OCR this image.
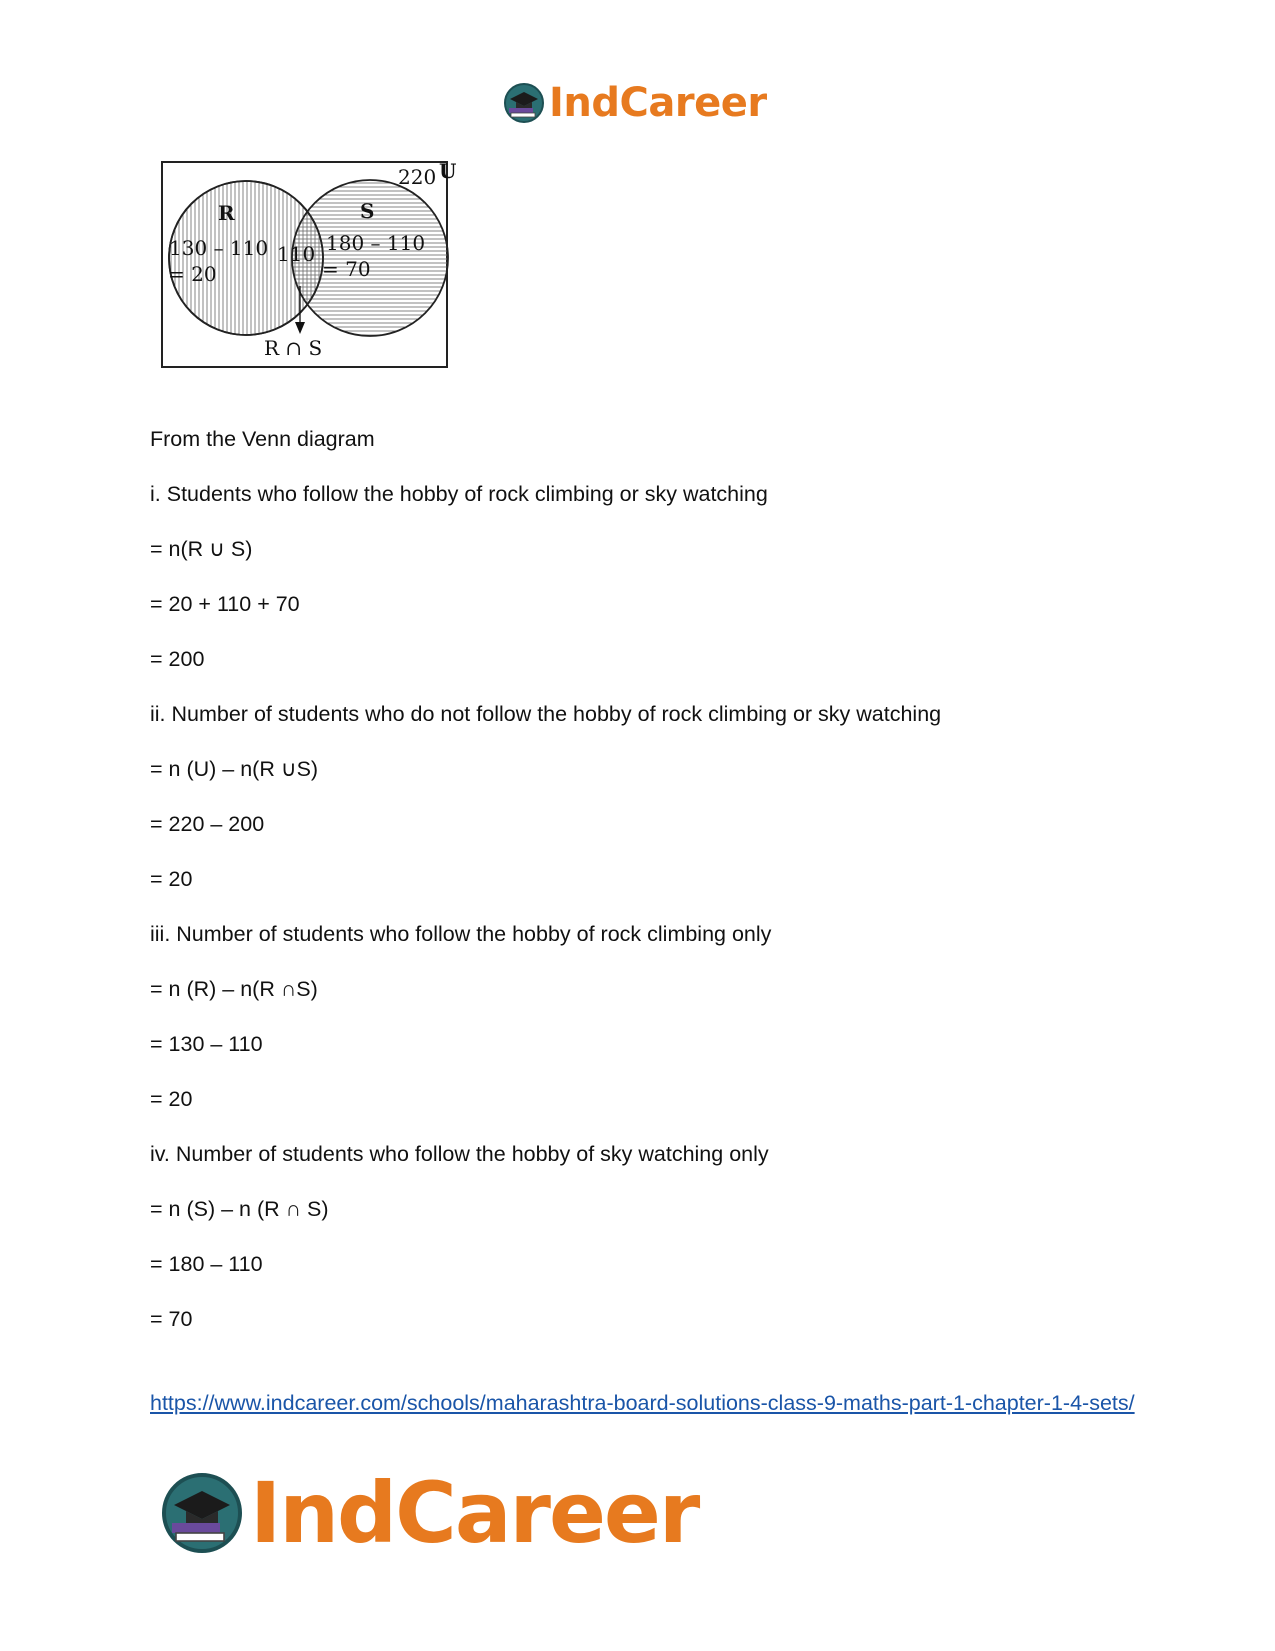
IndCareer
220 U
R	S
130 – 110
= 20
180 – 110
= 70
110
R ∩ S

From the Venn diagram

i. Students who follow the hobby of rock climbing or sky watching

= n(R ∪ S)

= 20 + 110 + 70

= 200

ii. Number of students who do not follow the hobby of rock climbing or sky watching

= n (U) – n(R ∪S)

= 220 – 200

= 20

iii. Number of students who follow the hobby of rock climbing only

= n (R) – n(R ∩S)

= 130 – 110

= 20

iv. Number of students who follow the hobby of sky watching only

= n (S) – n (R ∩ S)

= 180 – 110

= 70

https://www.indcareer.com/schools/maharashtra-board-solutions-class-9-maths-part-1-chapter-1-4-sets/
IndCareer
